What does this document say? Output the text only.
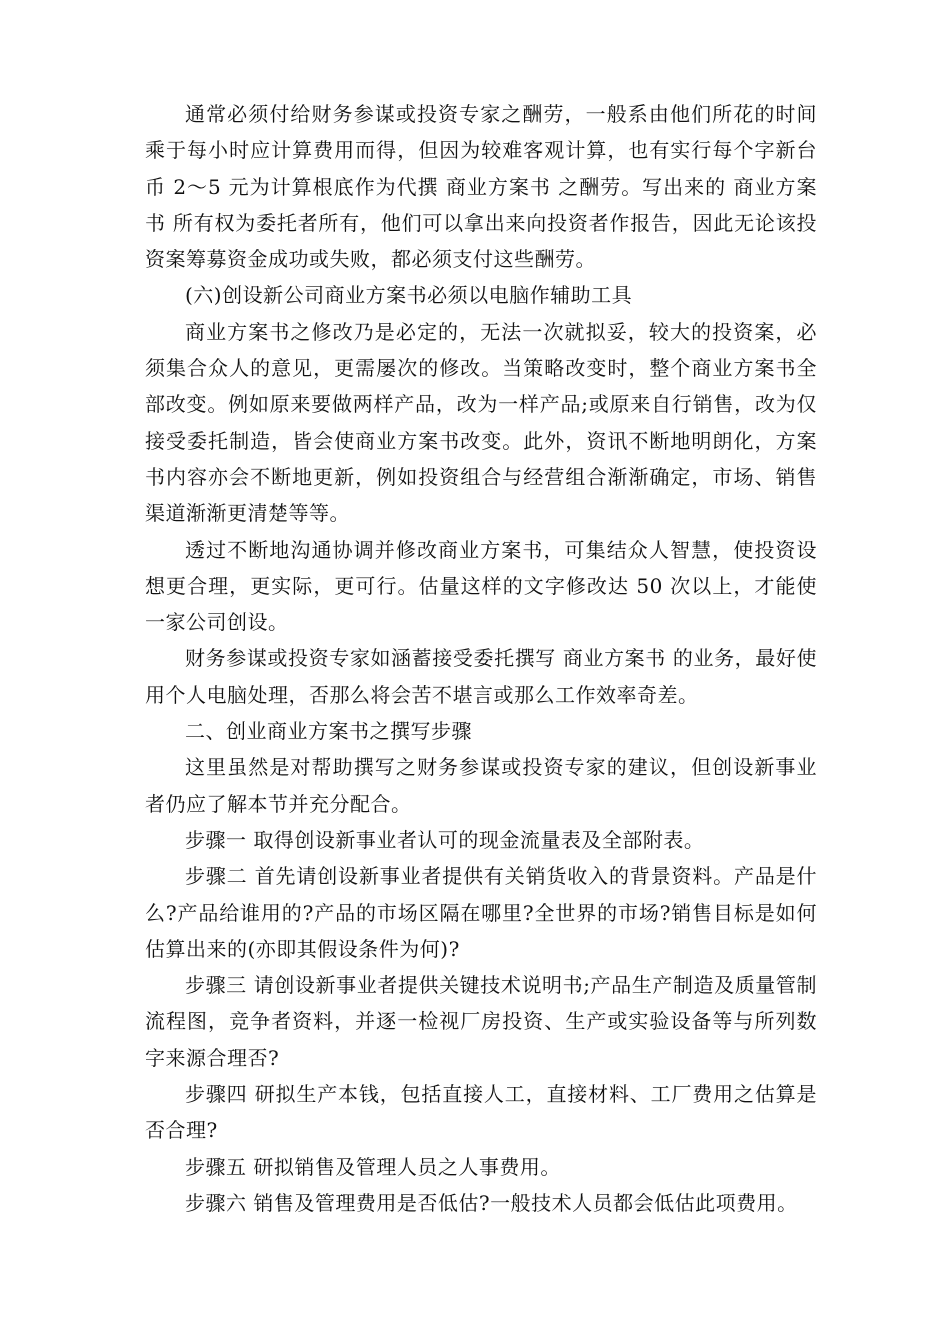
通常必须付给财务参谋或投资专家之酬劳，一般系由他们所花的时间乘于每小时应计算费用而得，但因为较难客观计算，也有实行每个字新台币 2～5 元为计算根底作为代撰 商业方案书 之酬劳。写出来的 商业方案书 所有权为委托者所有，他们可以拿出来向投资者作报告，因此无论该投资案筹募资金成功或失败，都必须支付这些酬劳。

(六)创设新公司商业方案书必须以电脑作辅助工具

商业方案书之修改乃是必定的，无法一次就拟妥，较大的投资案，必须集合众人的意见，更需屡次的修改。当策略改变时，整个商业方案书全部改变。例如原来要做两样产品，改为一样产品;或原来自行销售，改为仅接受委托制造，皆会使商业方案书改变。此外，资讯不断地明朗化，方案书内容亦会不断地更新，例如投资组合与经营组合渐渐确定，市场、销售渠道渐渐更清楚等等。

透过不断地沟通协调并修改商业方案书，可集结众人智慧，使投资设想更合理，更实际，更可行。估量这样的文字修改达 50 次以上，才能使一家公司创设。

财务参谋或投资专家如涵蓄接受委托撰写 商业方案书 的业务，最好使用个人电脑处理，否那么将会苦不堪言或那么工作效率奇差。

二、创业商业方案书之撰写步骤

这里虽然是对帮助撰写之财务参谋或投资专家的建议，但创设新事业者仍应了解本节并充分配合。

步骤一 取得创设新事业者认可的现金流量表及全部附表。

步骤二 首先请创设新事业者提供有关销货收入的背景资料。产品是什么?产品给谁用的?产品的市场区隔在哪里?全世界的市场?销售目标是如何估算出来的(亦即其假设条件为何)?

步骤三 请创设新事业者提供关键技术说明书;产品生产制造及质量管制流程图，竞争者资料，并逐一检视厂房投资、生产或实验设备等与所列数字来源合理否?

步骤四 研拟生产本钱，包括直接人工，直接材料、工厂费用之估算是否合理?

步骤五 研拟销售及管理人员之人事费用。

步骤六 销售及管理费用是否低估?一般技术人员都会低估此项费用。
